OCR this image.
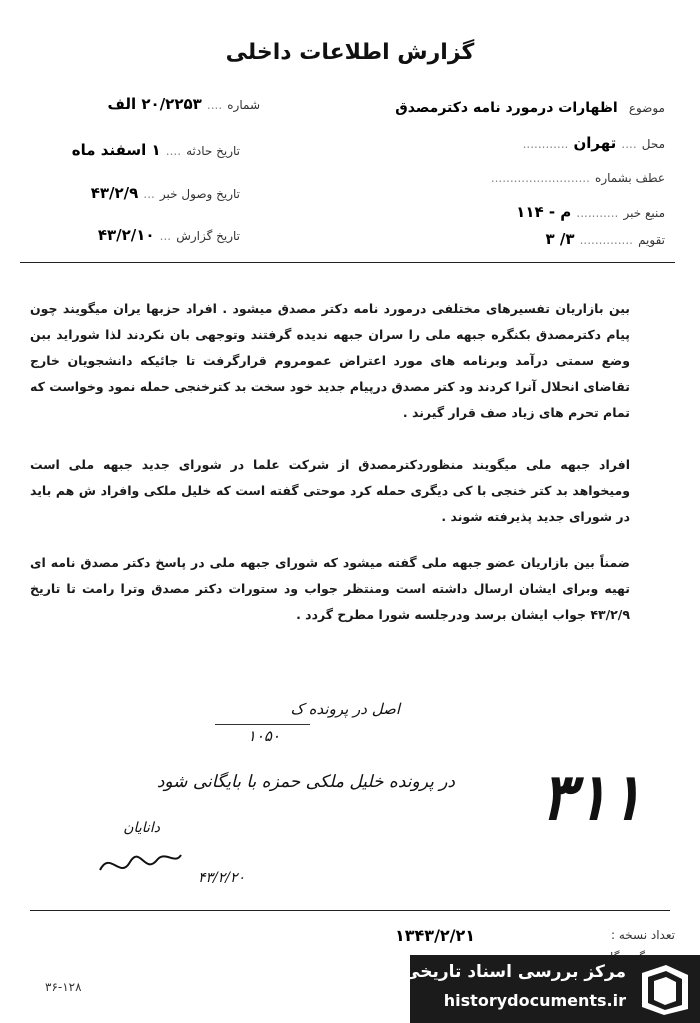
گزارش اطلاعات داخلی
موضوع اظهارات درمورد نامه دکترمصدق
محل .... تهران ............
عطف بشماره ..........................
منبع خبر ........... م - ۱۱۴
تقویم .............. ۳/ ۳
شماره .... ۲۰/۲۲۵۳ الف
تاریخ حادثه .... ۱ اسفند ماه
تاریخ وصول خبر ... ۴۳/۲/۹
تاریخ گزارش ... ۴۳/۲/۱۰
بین بازاریان تفسیرهای مختلفی درمورد نامه دکتر مصدق میشود . افراد حزبها یران میگویند چون پیام دکترمصدق بکنگره جبهه ملی را سران جبهه ندیده گرفتند وتوجهی بان نکردند لذا شوراید ببن وضع سمتی درآمد وبرنامه های مورد اعتراض عمومروم قرارگرفت تا جائیکه دانشجویان خارج تقاضای انحلال آنرا کردند ود کتر مصدق درپیام جدید خود سخت بد کترخنجی حمله نمود وخواست که تمام تحرم های زیاد صف قرار گیرند .
افراد جبهه ملی میگویند منظوردکترمصدق از شرکت علما در شورای جدید جبهه ملی است ومیخواهد بد کتر خنجی با کی دیگری حمله کرد موحتی گفته است که خلیل ملکی وافراد ش هم باید در شورای جدید پذیرفته شوند .
ضمناً بین بازاریان عضو جبهه ملی گفته میشود که شورای جبهه ملی در پاسخ دکتر مصدق نامه ای تهیه وبرای ایشان ارسال داشته است ومنتظر جواب ود ستورات دکتر مصدق وترا رامت تا تاریخ ۴۳/۲/۹ جواب ایشان برسد ودرجلسه شورا مطرح گردد .
اصل در پرونده ک
۱۰۵۰
در پرونده خلیل ملکی حمزه با بایگانی شود
دانایان
۴۳/۲/۲۰
۳۱۱
تعداد نسخه :
۱۳۴۳/۲/۲۱
۳۶-۱۲۸
مرکز بررسی اسناد تاریخی
historydocuments.ir
